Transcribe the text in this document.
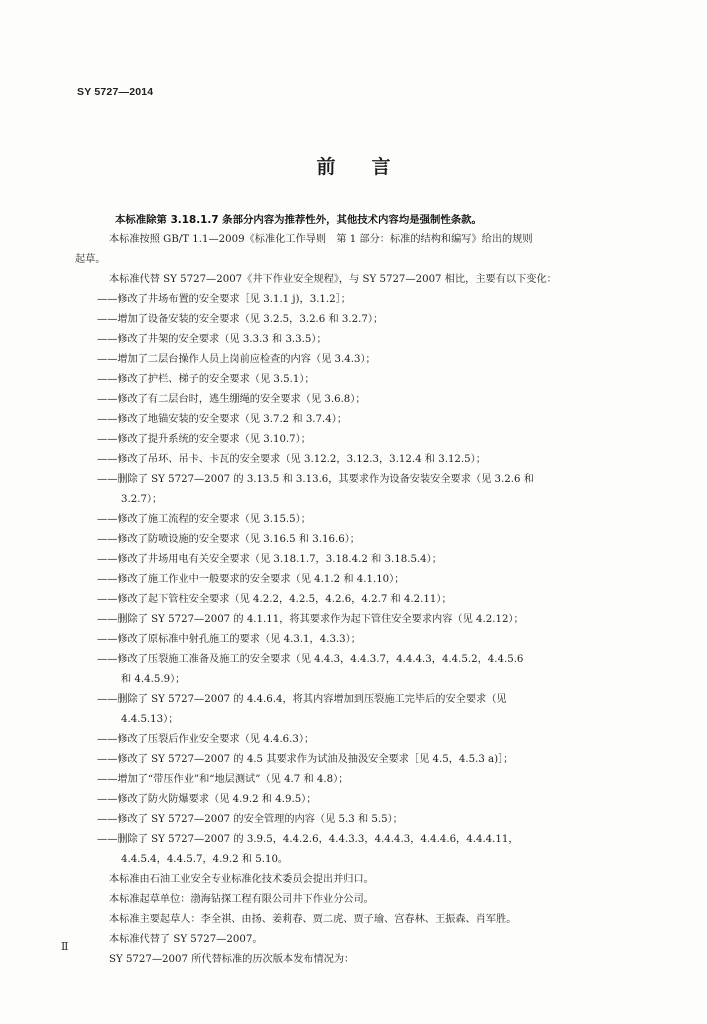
SY 5727—2014
前言
本标准除第 3.18.1.7 条部分内容为推荐性外，其他技术内容均是强制性条款。
本标准按照 GB/T 1.1—2009《标准化工作导则　第 1 部分：标准的结构和编写》给出的规则
起草。
本标准代替 SY 5727—2007《井下作业安全规程》，与 SY 5727—2007 相比，主要有以下变化：
——修改了井场布置的安全要求［见 3.1.1 j)，3.1.2］；
——增加了设备安装的安全要求（见 3.2.5，3.2.6 和 3.2.7）；
——修改了井架的安全要求（见 3.3.3 和 3.3.5）；
——增加了二层台操作人员上岗前应检查的内容（见 3.4.3）；
——修改了护栏、梯子的安全要求（见 3.5.1）；
——修改了有二层台时，逃生绷绳的安全要求（见 3.6.8）；
——修改了地锚安装的安全要求（见 3.7.2 和 3.7.4）；
——修改了提升系统的安全要求（见 3.10.7）；
——修改了吊环、吊卡、卡瓦的安全要求（见 3.12.2，3.12.3，3.12.4 和 3.12.5）；
——删除了 SY 5727—2007 的 3.13.5 和 3.13.6，其要求作为设备安装安全要求（见 3.2.6 和
3.2.7）；
——修改了施工流程的安全要求（见 3.15.5）；
——修改了防喷设施的安全要求（见 3.16.5 和 3.16.6）；
——修改了井场用电有关安全要求（见 3.18.1.7，3.18.4.2 和 3.18.5.4）；
——修改了施工作业中一般要求的安全要求（见 4.1.2 和 4.1.10）；
——修改了起下管柱安全要求（见 4.2.2，4.2.5，4.2.6，4.2.7 和 4.2.11）；
——删除了 SY 5727—2007 的 4.1.11，将其要求作为起下管住安全要求内容（见 4.2.12）；
——修改了原标准中射孔施工的要求（见 4.3.1，4.3.3）；
——修改了压裂施工准备及施工的安全要求（见 4.4.3，4.4.3.7，4.4.4.3，4.4.5.2，4.4.5.6
和 4.4.5.9）；
——删除了 SY 5727—2007 的 4.4.6.4，将其内容增加到压裂施工完毕后的安全要求（见
4.4.5.13）；
——修改了压裂后作业安全要求（见 4.4.6.3）；
——修改了 SY 5727—2007 的 4.5 其要求作为试油及抽汲安全要求［见 4.5，4.5.3 a)］；
——增加了“带压作业”和“地层测试”（见 4.7 和 4.8）；
——修改了防火防爆要求（见 4.9.2 和 4.9.5）；
——修改了 SY 5727—2007 的安全管理的内容（见 5.3 和 5.5）；
——删除了 SY 5727—2007 的 3.9.5，4.4.2.6，4.4.3.3，4.4.4.3，4.4.4.6，4.4.4.11，
4.4.5.4，4.4.5.7，4.9.2 和 5.10。
本标准由石油工业安全专业标准化技术委员会提出并归口。
本标准起草单位：渤海钻探工程有限公司井下作业分公司。
本标准主要起草人：李全祺、由扬、姜莉春、贾二虎、贾子瑜、宫春林、王振森、肖军胜。
本标准代替了 SY 5727—2007。
SY 5727—2007 所代替标准的历次版本发布情况为：
Ⅱ
